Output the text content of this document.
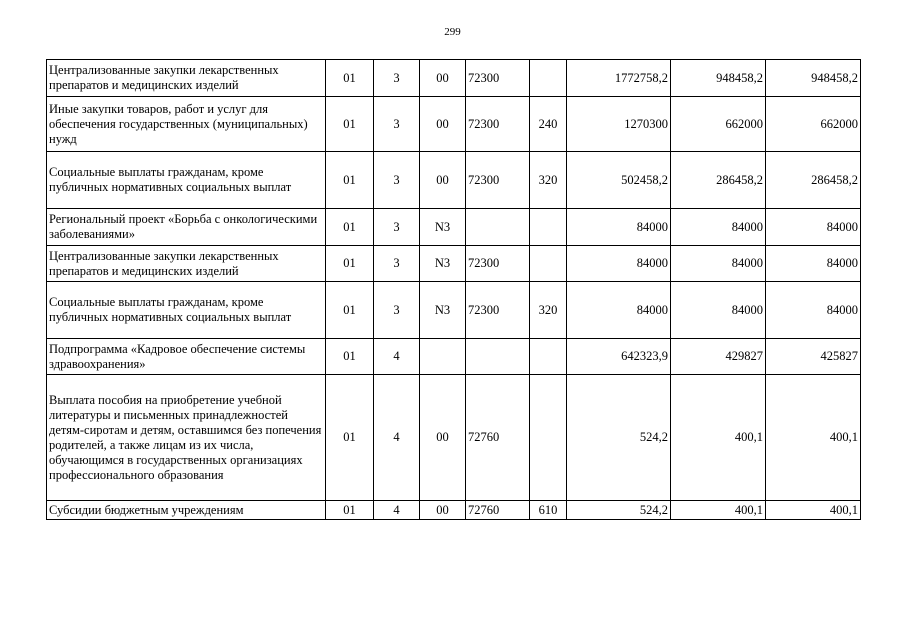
299
Централизованные закупки лекарственных препаратов и медицинских изделий	01	3	00	72300		1772758,2	948458,2	948458,2
Иные закупки товаров, работ и услуг для обеспечения государственных (муниципальных) нужд	01	3	00	72300	240	1270300	662000	662000
Социальные выплаты гражданам, кроме публичных нормативных социальных выплат	01	3	00	72300	320	502458,2	286458,2	286458,2
Региональный проект «Борьба с онкологическими заболеваниями»	01	3	N3			84000	84000	84000
Централизованные закупки лекарственных препаратов и медицинских изделий	01	3	N3	72300		84000	84000	84000
Социальные выплаты гражданам, кроме публичных нормативных социальных выплат	01	3	N3	72300	320	84000	84000	84000
Подпрограмма «Кадровое обеспечение системы здравоохранения»	01	4				642323,9	429827	425827
Выплата пособия на приобретение учебной литературы и письменных принадлежностей детям-сиротам и детям, оставшимся без попечения родителей, а также лицам из их числа, обучающимся в государственных организациях профессионального образования	01	4	00	72760		524,2	400,1	400,1
Субсидии бюджетным учреждениям	01	4	00	72760	610	524,2	400,1	400,1
